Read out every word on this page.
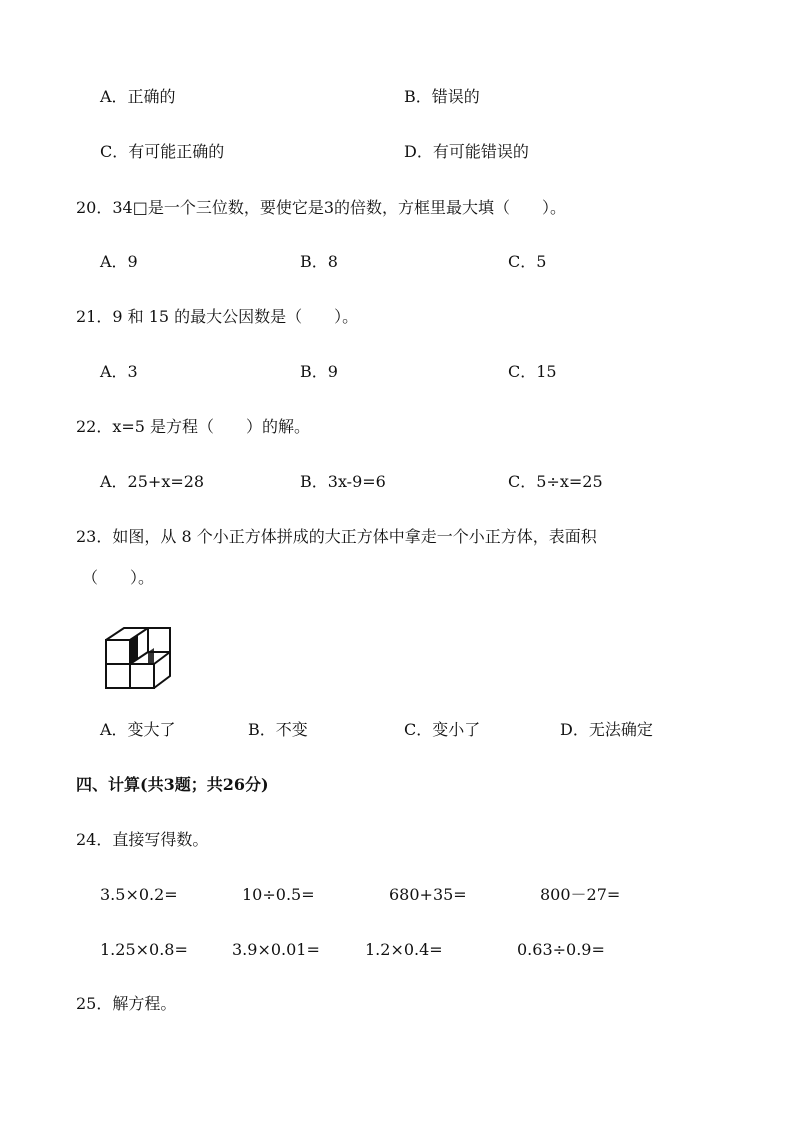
A．正确的	B．错误的
C．有可能正确的	D．有可能错误的
20．34□是一个三位数，要使它是3的倍数，方框里最大填（　　）。
A．9	B．8	C．5
21．9 和 15 的最大公因数是（　　）。
A．3	B．9	C．15
22．x=5 是方程（　　）的解。
A．25+x=28	B．3x-9=6	C．5÷x=25
23．如图，从 8 个小正方体拼成的大正方体中拿走一个小正方体，表面积
（　　）。
A．变大了	B．不变	C．变小了	D．无法确定
四、计算(共3题；共26分)
24．直接写得数。
3.5×0.2=	10÷0.5=	680+35=	800－27=
1.25×0.8=	3.9×0.01=	1.2×0.4=	0.63÷0.9=
25．解方程。
